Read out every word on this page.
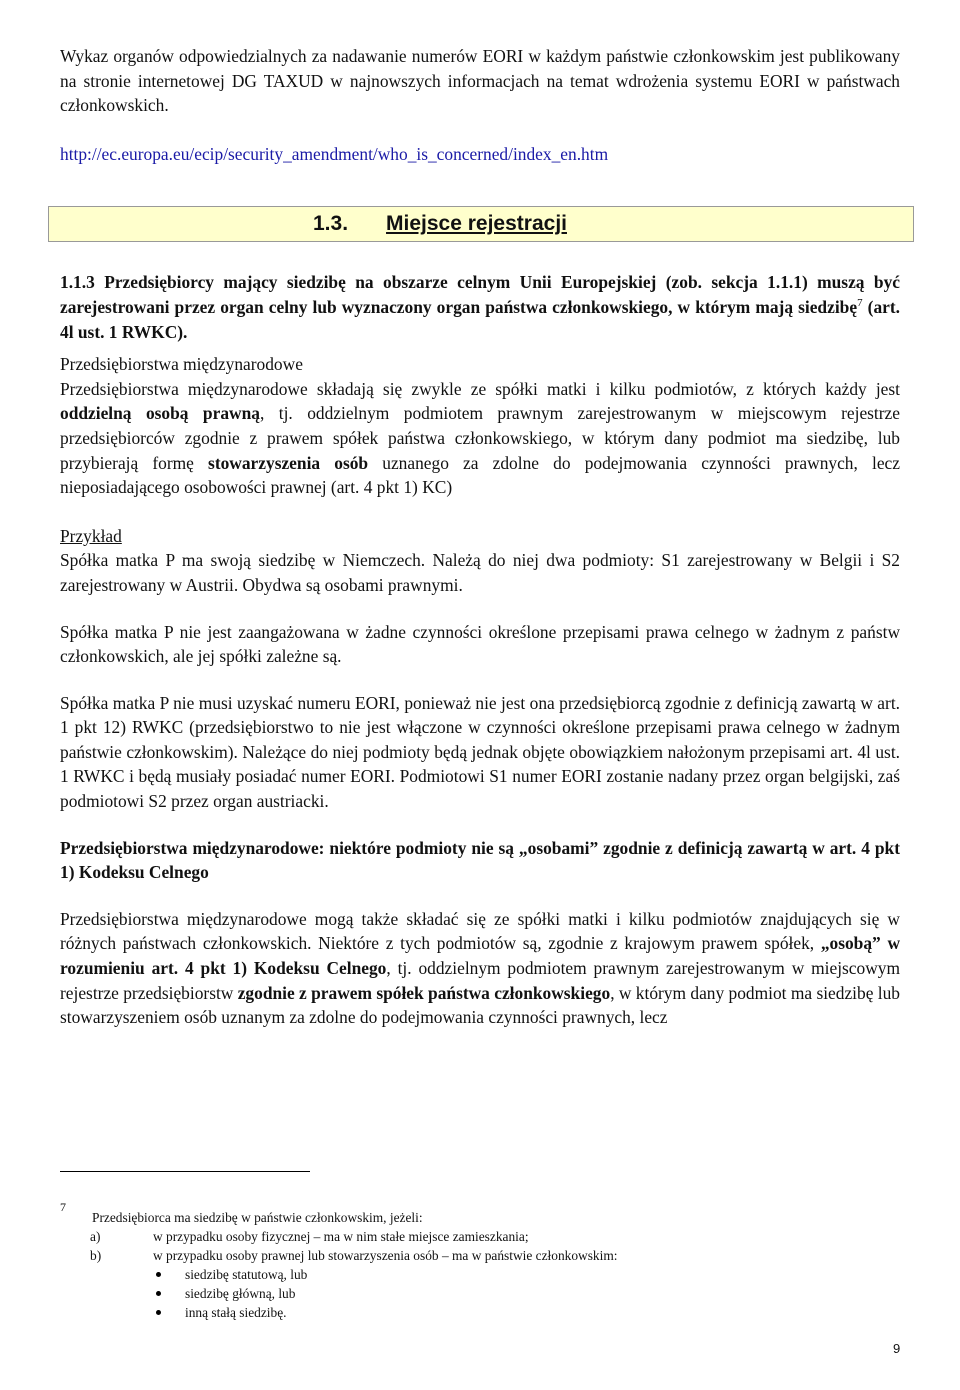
Wykaz organów odpowiedzialnych za nadawanie numerów EORI w każdym państwie członkowskim jest publikowany na stronie internetowej DG TAXUD w najnowszych informacjach na temat wdrożenia systemu EORI w państwach członkowskich.

http://ec.europa.eu/ecip/security_amendment/who_is_concerned/index_en.htm

1.3. Miejsce rejestracji

1.1.3 Przedsiębiorcy mający siedzibę na obszarze celnym Unii Europejskiej (zob. sekcja 1.1.1) muszą być zarejestrowani przez organ celny lub wyznaczony organ państwa członkowskiego, w którym mają siedzibę$^7$ (art. 4l ust. 1 RWKC).

Przedsiębiorstwa międzynarodowe

Przedsiębiorstwa międzynarodowe składają się zwykle ze spółki matki i kilku podmiotów, z których każdy jest oddzielną osobą prawną, tj. oddzielnym podmiotem prawnym zarejestrowanym w miejscowym rejestrze przedsiębiorców zgodnie z prawem spółek państwa członkowskiego, w którym dany podmiot ma siedzibę, lub przybierają formę stowarzyszenia osób uznanego za zdolne do podejmowania czynności prawnych, lecz nieposiadającego osobowości prawnej (art. 4 pkt 1) KC)

Przykład

Spółka matka P ma swoją siedzibę w Niemczech. Należą do niej dwa podmioty: S1 zarejestrowany w Belgii i S2 zarejestrowany w Austrii. Obydwa są osobami prawnymi.

Spółka matka P nie jest zaangażowana w żadne czynności określone przepisami prawa celnego w żadnym z państw członkowskich, ale jej spółki zależne są.

Spółka matka P nie musi uzyskać numeru EORI, ponieważ nie jest ona przedsiębiorcą zgodnie z definicją zawartą w art. 1 pkt 12) RWKC (przedsiębiorstwo to nie jest włączone w czynności określone przepisami prawa celnego w żadnym państwie członkowskim). Należące do niej podmioty będą jednak objęte obowiązkiem nałożonym przepisami art. 4l ust. 1 RWKC i będą musiały posiadać numer EORI. Podmiotowi S1 numer EORI zostanie nadany przez organ belgijski, zaś podmiotowi S2 przez organ austriacki.

Przedsiębiorstwa międzynarodowe: niektóre podmioty nie są „osobami” zgodnie z definicją zawartą w art. 4 pkt 1) Kodeksu Celnego

Przedsiębiorstwa międzynarodowe mogą także składać się ze spółki matki i kilku podmiotów znajdujących się w różnych państwach członkowskich. Niektóre z tych podmiotów są, zgodnie z krajowym prawem spółek, „osobą” w rozumieniu art. 4 pkt 1) Kodeksu Celnego, tj. oddzielnym podmiotem prawnym zarejestrowanym w miejscowym rejestrze przedsiębiorstw zgodnie z prawem spółek państwa członkowskiego, w którym dany podmiot ma siedzibę lub stowarzyszeniem osób uznanym za zdolne do podejmowania czynności prawnych, lecz

7
Przedsiębiorca ma siedzibę w państwie członkowskim, jeżeli:
a)	w przypadku osoby fizycznej – ma w nim stałe miejsce zamieszkania;
b)	w przypadku osoby prawnej lub stowarzyszenia osób – ma w państwie członkowskim:
siedzibę statutową, lub
siedzibę główną, lub
inną stałą siedzibę.
9
